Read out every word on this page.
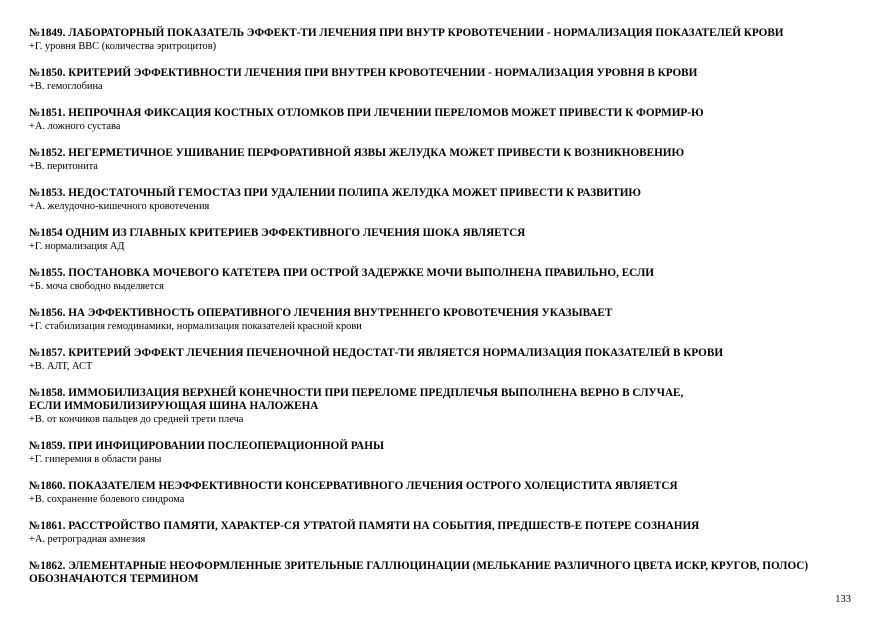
№1849. ЛАБОРАТОРНЫЙ ПОКАЗАТЕЛЬ ЭФФЕКТ-ТИ ЛЕЧЕНИЯ ПРИ ВНУТР КРОВОТЕЧЕНИИ - НОРМАЛИЗАЦИЯ ПОКАЗАТЕЛЕЙ КРОВИ
+Г. уровня ВВС (количества эритроцитов)
№1850. КРИТЕРИЙ ЭФФЕКТИВНОСТИ ЛЕЧЕНИЯ ПРИ ВНУТРЕН КРОВОТЕЧЕНИИ - НОРМАЛИЗАЦИЯ УРОВНЯ В КРОВИ
+В. гемоглобина
№1851. НЕПРОЧНАЯ ФИКСАЦИЯ КОСТНЫХ ОТЛОМКОВ ПРИ ЛЕЧЕНИИ ПЕРЕЛОМОВ МОЖЕТ ПРИВЕСТИ К ФОРМИР-Ю
+А. ложного сустава
№1852. НЕГЕРМЕТИЧНОЕ УШИВАНИЕ ПЕРФОРАТИВНОЙ ЯЗВЫ ЖЕЛУДКА МОЖЕТ ПРИВЕСТИ К ВОЗНИКНОВЕНИЮ
+В. перитонита
№1853. НЕДОСТАТОЧНЫЙ ГЕМОСТАЗ ПРИ УДАЛЕНИИ ПОЛИПА ЖЕЛУДКА МОЖЕТ ПРИВЕСТИ К РАЗВИТИЮ
+А. желудочно-кишечного кровотечения
№1854 ОДНИМ ИЗ ГЛАВНЫХ КРИТЕРИЕВ ЭФФЕКТИВНОГО ЛЕЧЕНИЯ ШОКА ЯВЛЯЕТСЯ
+Г. нормализация АД
№1855. ПОСТАНОВКА МОЧЕВОГО КАТЕТЕРА ПРИ ОСТРОЙ ЗАДЕРЖКЕ МОЧИ ВЫПОЛНЕНА ПРАВИЛЬНО, ЕСЛИ
+Б. моча свободно выделяется
№1856. НА ЭФФЕКТИВНОСТЬ ОПЕРАТИВНОГО ЛЕЧЕНИЯ ВНУТРЕННЕГО КРОВОТЕЧЕНИЯ УКАЗЫВАЕТ
+Г. стабилизация гемодинамики, нормализация показателей красной крови
№1857. КРИТЕРИЙ ЭФФЕКТ ЛЕЧЕНИЯ ПЕЧЕНОЧНОЙ НЕДОСТАТ-ТИ ЯВЛЯЕТСЯ НОРМАЛИЗАЦИЯ ПОКАЗАТЕЛЕЙ В КРОВИ
+В. АЛТ, АСТ
№1858. ИММОБИЛИЗАЦИЯ ВЕРХНЕЙ КОНЕЧНОСТИ ПРИ ПЕРЕЛОМЕ ПРЕДПЛЕЧЬЯ ВЫПОЛНЕНА ВЕРНО В СЛУЧАЕ,
ЕСЛИ ИММОБИЛИЗИРУЮЩАЯ ШИНА НАЛОЖЕНА
+В. от кончиков пальцев до средней трети плеча
№1859. ПРИ ИНФИЦИРОВАНИИ ПОСЛЕОПЕРАЦИОННОЙ РАНЫ
+Г. гиперемия в области раны
№1860. ПОКАЗАТЕЛЕМ НЕЭФФЕКТИВНОСТИ КОНСЕРВАТИВНОГО ЛЕЧЕНИЯ ОСТРОГО ХОЛЕЦИСТИТА ЯВЛЯЕТСЯ
+В. сохранение болевого синдрома
№1861. РАССТРОЙСТВО ПАМЯТИ, ХАРАКТЕР-СЯ УТРАТОЙ ПАМЯТИ НА СОБЫТИЯ, ПРЕДШЕСТВ-Е ПОТЕРЕ СОЗНАНИЯ
+А. ретроградная амнезия
№1862. ЭЛЕМЕНТАРНЫЕ НЕОФОРМЛЕННЫЕ ЗРИТЕЛЬНЫЕ ГАЛЛЮЦИНАЦИИ (МЕЛЬКАНИЕ РАЗЛИЧНОГО ЦВЕТА ИСКР, КРУГОВ, ПОЛОС)
ОБОЗНАЧАЮТСЯ ТЕРМИНОМ
133
